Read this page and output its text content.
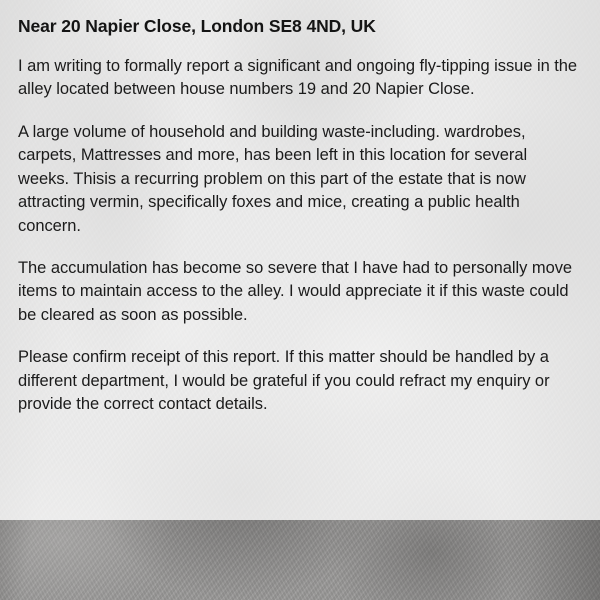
Near 20 Napier Close, London SE8 4ND, UK

I am writing to formally report a significant and ongoing fly-tipping issue in the alley located between house numbers 19 and 20 Napier Close.

A large volume of household and building waste-including. wardrobes, carpets, Mattresses and more, has been left in this location for several weeks. Thisis a recurring problem on this part of the estate that is now attracting vermin, specifically foxes and mice, creating a public health concern.

The accumulation has become so severe that I have had to personally move items to maintain access to the alley. I would appreciate it if this waste could be cleared as soon as possible.

Please confirm receipt of this report. If this matter should be handled by a different department, I would be grateful if you could refract my enquiry or provide the correct contact details.
